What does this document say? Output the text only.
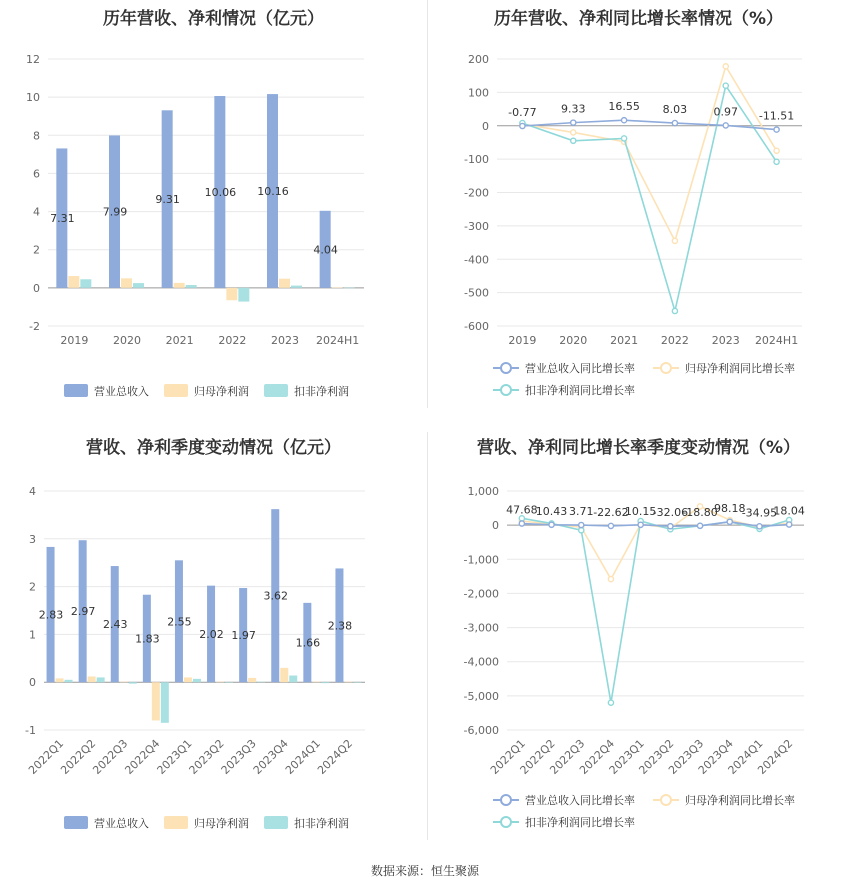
历年营收、净利情况（亿元）
-2
0
2
4
6
8
10
12
7.31	7.99
9.31
10.06 10.16
4.04
2019 2020 2021 2022 2023 2024H1
营业总收入	归母净利润	扣非净利润
历年营收、净利同比增长率情况（%）
-600
-500
-400
-300
-200
-100
0
100
200
-0.77 9.33 16.55 8.03 0.97 -11.51
2019 2020 2021 2022 2023 2024H1
营业总收入同比增长率	归母净利润同比增长率
扣非净利润同比增长率
营收、净利季度变动情况（亿元）
-1
0
1
2
3
4
2.83 2.97
2.43
1.83
2.55
2.02 1.97
3.62
1.66
2.38
2022Q1
2022Q2
2022Q3
2022Q4
2023Q1
2023Q2
2023Q3
2023Q4
2024Q1
2024Q2
营业总收入	归母净利润	扣非净利润
营收、净利同比增长率季度变动情况（%）
-6,000
-5,000
-4,000
-3,000
-2,000
-1,000
0
1,000
47.68
10.43 3.71 -22.62
10.15
-32.06
-18.80
98.18
-34.95
18.04
2022Q1
2022Q2
2022Q3
2022Q4
2023Q1
2023Q2
2023Q3
2023Q4
2024Q1
2024Q2
营业总收入同比增长率	归母净利润同比增长率
扣非净利润同比增长率
数据来源：恒生聚源
